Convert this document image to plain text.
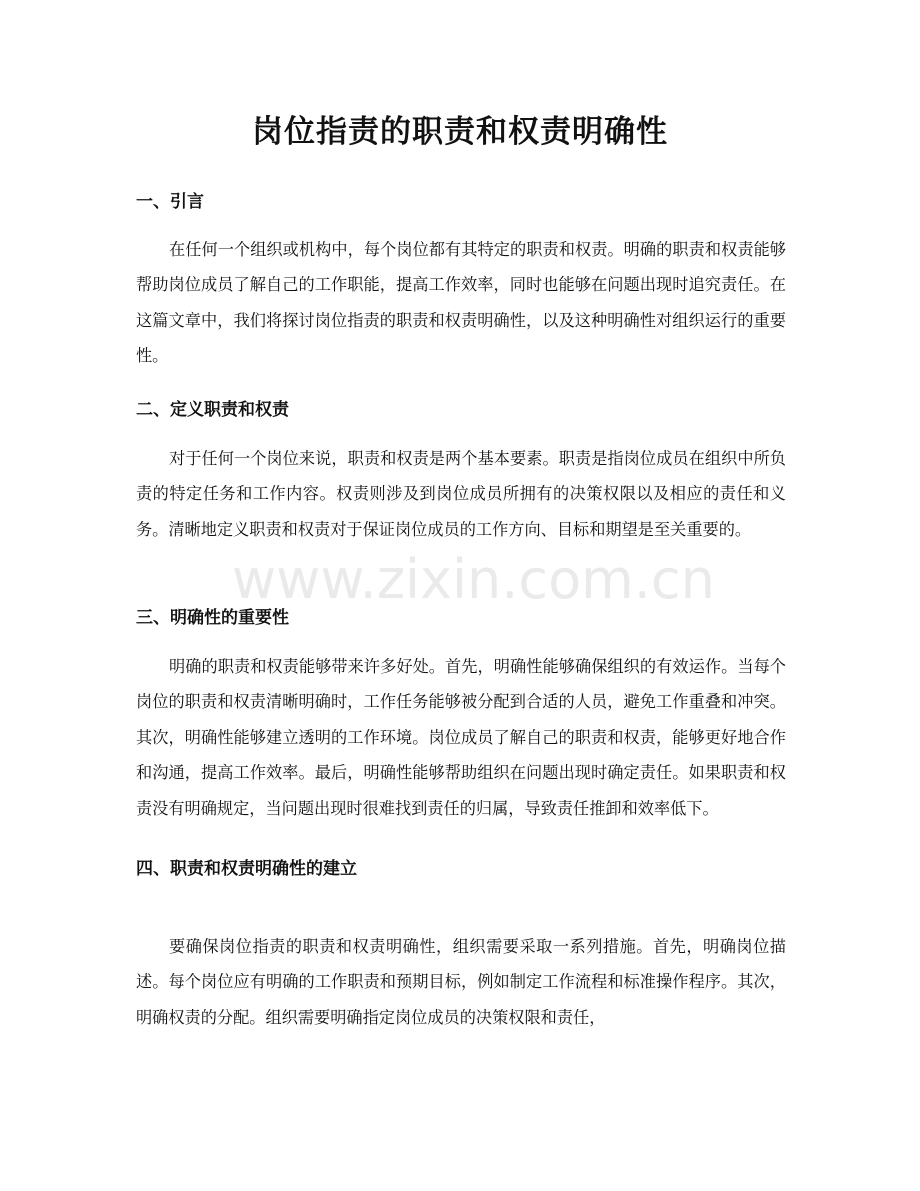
岗位指责的职责和权责明确性
一、引言

在任何一个组织或机构中，每个岗位都有其特定的职责和权责。明确的职责和权责能够帮助岗位成员了解自己的工作职能，提高工作效率，同时也能够在问题出现时追究责任。在这篇文章中，我们将探讨岗位指责的职责和权责明确性，以及这种明确性对组织运行的重要性。

二、定义职责和权责

对于任何一个岗位来说，职责和权责是两个基本要素。职责是指岗位成员在组织中所负责的特定任务和工作内容。权责则涉及到岗位成员所拥有的决策权限以及相应的责任和义务。清晰地定义职责和权责对于保证岗位成员的工作方向、目标和期望是至关重要的。

三、明确性的重要性

明确的职责和权责能够带来许多好处。首先，明确性能够确保组织的有效运作。当每个岗位的职责和权责清晰明确时，工作任务能够被分配到合适的人员，避免工作重叠和冲突。其次，明确性能够建立透明的工作环境。岗位成员了解自己的职责和权责，能够更好地合作和沟通，提高工作效率。最后，明确性能够帮助组织在问题出现时确定责任。如果职责和权责没有明确规定，当问题出现时很难找到责任的归属，导致责任推卸和效率低下。

四、职责和权责明确性的建立

要确保岗位指责的职责和权责明确性，组织需要采取一系列措施。首先，明确岗位描述。每个岗位应有明确的工作职责和预期目标，例如制定工作流程和标准操作程序。其次，明确权责的分配。组织需要明确指定岗位成员的决策权限和责任，

www.zixin.com.cn
